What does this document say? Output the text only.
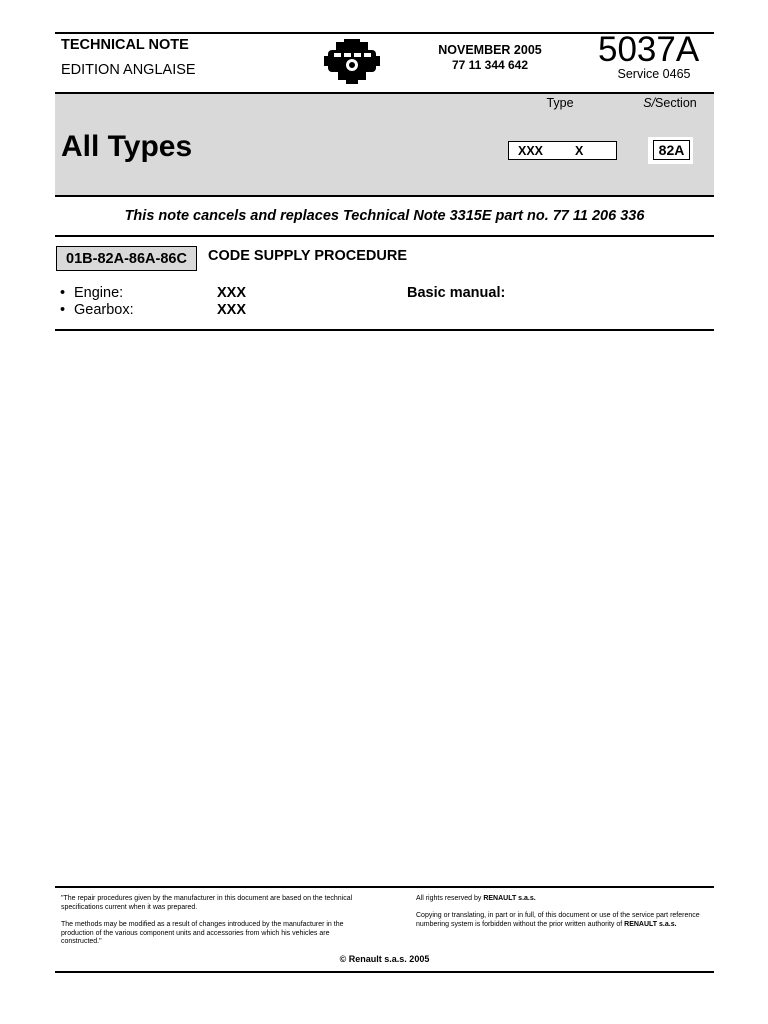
TECHNICAL NOTE
EDITION ANGLAISE
NOVEMBER 2005
77 11 344 642	5037A
Service 0465
Type	S/Section
All Types	XXX	X	82A
This note cancels and replaces Technical Note 3315E part no. 77 11 206 336
01B-82A-86A-86C	CODE SUPPLY PROCEDURE
• Engine:	XXX	Basic manual:
• Gearbox:	XXX
"The repair procedures given by the manufacturer in this document are based on the technical specifications current when it was prepared.
The methods may be modified as a result of changes introduced by the manufacturer in the production of the various component units and accessories from which his vehicles are constructed."
All rights reserved by RENAULT s.a.s.
Copying or translating, in part or in full, of this document or use of the service part reference numbering system is forbidden without the prior written authority of RENAULT s.a.s.
© Renault s.a.s. 2005
